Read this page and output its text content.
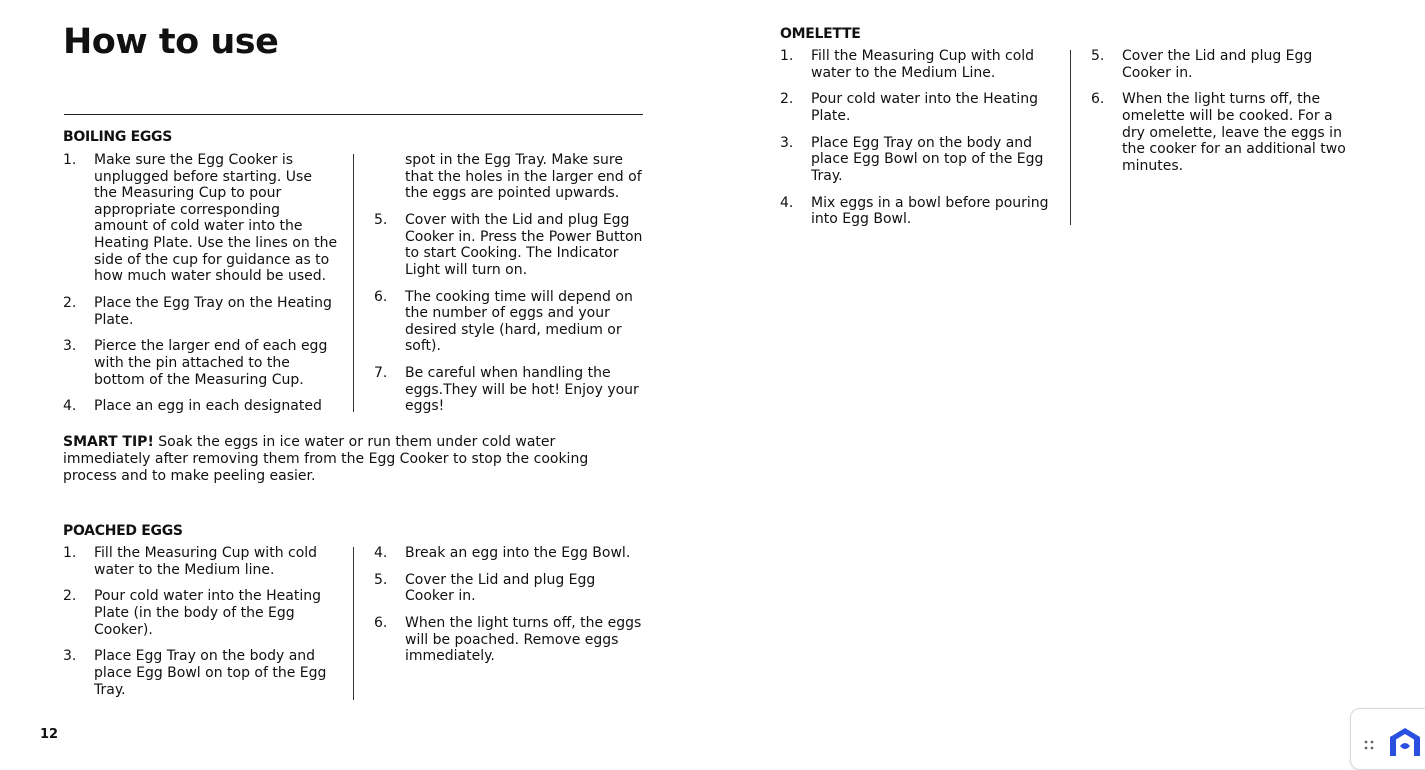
How to use
BOILING EGGS
1. Make sure the Egg Cooker is unplugged before starting. Use the Measuring Cup to pour appropriate corresponding amount of cold water into the Heating Plate. Use the lines on the side of the cup for guidance as to how much water should be used.
2. Place the Egg Tray on the Heating Plate.
3. Pierce the larger end of each egg with the pin attached to the bottom of the Measuring Cup.
4. Place an egg in each designated
spot in the Egg Tray. Make sure that the holes in the larger end of the eggs are pointed upwards.
5. Cover with the Lid and plug Egg Cooker in. Press the Power Button to start Cooking. The Indicator Light will turn on.
6. The cooking time will depend on the number of eggs and your desired style (hard, medium or soft).
7. Be careful when handling the eggs.They will be hot! Enjoy your eggs!

SMART TIP! Soak the eggs in ice water or run them under cold water immediately after removing them from the Egg Cooker to stop the cooking process and to make peeling easier.

POACHED EGGS
1. Fill the Measuring Cup with cold water to the Medium line.
2. Pour cold water into the Heating Plate (in the body of the Egg Cooker).
3. Place Egg Tray on the body and place Egg Bowl on top of the Egg Tray.
4. Break an egg into the Egg Bowl.
5. Cover the Lid and plug Egg Cooker in.
6. When the light turns off, the eggs will be poached. Remove eggs immediately.
OMELETTE
1. Fill the Measuring Cup with cold water to the Medium Line.
2. Pour cold water into the Heating Plate.
3. Place Egg Tray on the body and place Egg Bowl on top of the Egg Tray.
4. Mix eggs in a bowl before pouring into Egg Bowl.
5. Cover the Lid and plug Egg Cooker in.
6. When the light turns off, the omelette will be cooked. For a dry omelette, leave the eggs in the cooker for an additional two minutes.
12
